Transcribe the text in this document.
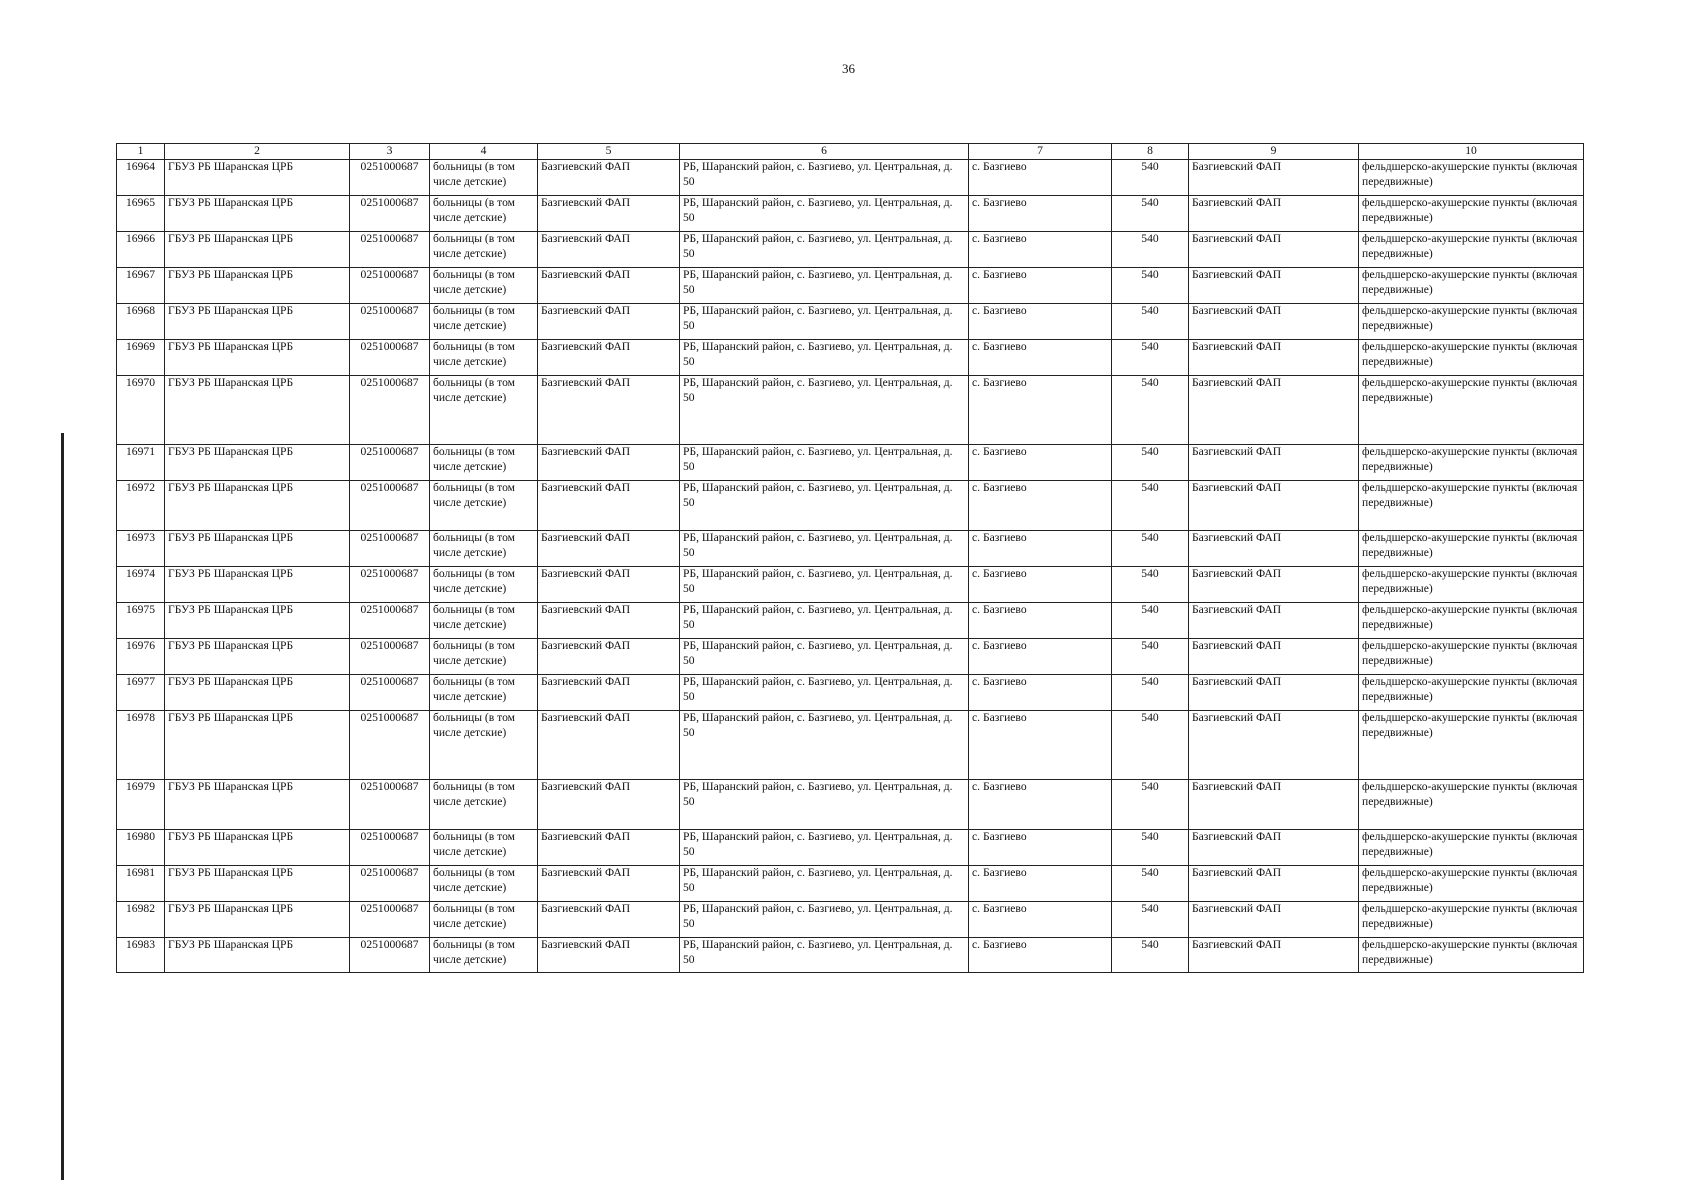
36
1	2	3	4	5	6	7	8	9	10
16964	ГБУЗ РБ Шаранская ЦРБ	0251000687	больницы (в том числе детские)	Базгиевский ФАП	РБ, Шаранский район, с. Базгиево, ул. Центральная, д. 50	с. Базгиево	540	Базгиевский ФАП	фельдшерско-акушерские пункты (включая передвижные)
16965	ГБУЗ РБ Шаранская ЦРБ	0251000687	больницы (в том числе детские)	Базгиевский ФАП	РБ, Шаранский район, с. Базгиево, ул. Центральная, д. 50	с. Базгиево	540	Базгиевский ФАП	фельдшерско-акушерские пункты (включая передвижные)
16966	ГБУЗ РБ Шаранская ЦРБ	0251000687	больницы (в том числе детские)	Базгиевский ФАП	РБ, Шаранский район, с. Базгиево, ул. Центральная, д. 50	с. Базгиево	540	Базгиевский ФАП	фельдшерско-акушерские пункты (включая передвижные)
16967	ГБУЗ РБ Шаранская ЦРБ	0251000687	больницы (в том числе детские)	Базгиевский ФАП	РБ, Шаранский район, с. Базгиево, ул. Центральная, д. 50	с. Базгиево	540	Базгиевский ФАП	фельдшерско-акушерские пункты (включая передвижные)
16968	ГБУЗ РБ Шаранская ЦРБ	0251000687	больницы (в том числе детские)	Базгиевский ФАП	РБ, Шаранский район, с. Базгиево, ул. Центральная, д. 50	с. Базгиево	540	Базгиевский ФАП	фельдшерско-акушерские пункты (включая передвижные)
16969	ГБУЗ РБ Шаранская ЦРБ	0251000687	больницы (в том числе детские)	Базгиевский ФАП	РБ, Шаранский район, с. Базгиево, ул. Центральная, д. 50	с. Базгиево	540	Базгиевский ФАП	фельдшерско-акушерские пункты (включая передвижные)
16970	ГБУЗ РБ Шаранская ЦРБ	0251000687	больницы (в том числе детские)	Базгиевский ФАП	РБ, Шаранский район, с. Базгиево, ул. Центральная, д. 50	с. Базгиево	540	Базгиевский ФАП	фельдшерско-акушерские пункты (включая передвижные)
16971	ГБУЗ РБ Шаранская ЦРБ	0251000687	больницы (в том числе детские)	Базгиевский ФАП	РБ, Шаранский район, с. Базгиево, ул. Центральная, д. 50	с. Базгиево	540	Базгиевский ФАП	фельдшерско-акушерские пункты (включая передвижные)
16972	ГБУЗ РБ Шаранская ЦРБ	0251000687	больницы (в том числе детские)	Базгиевский ФАП	РБ, Шаранский район, с. Базгиево, ул. Центральная, д. 50	с. Базгиево	540	Базгиевский ФАП	фельдшерско-акушерские пункты (включая передвижные)
16973	ГБУЗ РБ Шаранская ЦРБ	0251000687	больницы (в том числе детские)	Базгиевский ФАП	РБ, Шаранский район, с. Базгиево, ул. Центральная, д. 50	с. Базгиево	540	Базгиевский ФАП	фельдшерско-акушерские пункты (включая передвижные)
16974	ГБУЗ РБ Шаранская ЦРБ	0251000687	больницы (в том числе детские)	Базгиевский ФАП	РБ, Шаранский район, с. Базгиево, ул. Центральная, д. 50	с. Базгиево	540	Базгиевский ФАП	фельдшерско-акушерские пункты (включая передвижные)
16975	ГБУЗ РБ Шаранская ЦРБ	0251000687	больницы (в том числе детские)	Базгиевский ФАП	РБ, Шаранский район, с. Базгиево, ул. Центральная, д. 50	с. Базгиево	540	Базгиевский ФАП	фельдшерско-акушерские пункты (включая передвижные)
16976	ГБУЗ РБ Шаранская ЦРБ	0251000687	больницы (в том числе детские)	Базгиевский ФАП	РБ, Шаранский район, с. Базгиево, ул. Центральная, д. 50	с. Базгиево	540	Базгиевский ФАП	фельдшерско-акушерские пункты (включая передвижные)
16977	ГБУЗ РБ Шаранская ЦРБ	0251000687	больницы (в том числе детские)	Базгиевский ФАП	РБ, Шаранский район, с. Базгиево, ул. Центральная, д. 50	с. Базгиево	540	Базгиевский ФАП	фельдшерско-акушерские пункты (включая передвижные)
16978	ГБУЗ РБ Шаранская ЦРБ	0251000687	больницы (в том числе детские)	Базгиевский ФАП	РБ, Шаранский район, с. Базгиево, ул. Центральная, д. 50	с. Базгиево	540	Базгиевский ФАП	фельдшерско-акушерские пункты (включая передвижные)
16979	ГБУЗ РБ Шаранская ЦРБ	0251000687	больницы (в том числе детские)	Базгиевский ФАП	РБ, Шаранский район, с. Базгиево, ул. Центральная, д. 50	с. Базгиево	540	Базгиевский ФАП	фельдшерско-акушерские пункты (включая передвижные)
16980	ГБУЗ РБ Шаранская ЦРБ	0251000687	больницы (в том числе детские)	Базгиевский ФАП	РБ, Шаранский район, с. Базгиево, ул. Центральная, д. 50	с. Базгиево	540	Базгиевский ФАП	фельдшерско-акушерские пункты (включая передвижные)
16981	ГБУЗ РБ Шаранская ЦРБ	0251000687	больницы (в том числе детские)	Базгиевский ФАП	РБ, Шаранский район, с. Базгиево, ул. Центральная, д. 50	с. Базгиево	540	Базгиевский ФАП	фельдшерско-акушерские пункты (включая передвижные)
16982	ГБУЗ РБ Шаранская ЦРБ	0251000687	больницы (в том числе детские)	Базгиевский ФАП	РБ, Шаранский район, с. Базгиево, ул. Центральная, д. 50	с. Базгиево	540	Базгиевский ФАП	фельдшерско-акушерские пункты (включая передвижные)
16983	ГБУЗ РБ Шаранская ЦРБ	0251000687	больницы (в том числе детские)	Базгиевский ФАП	РБ, Шаранский район, с. Базгиево, ул. Центральная, д. 50	с. Базгиево	540	Базгиевский ФАП	фельдшерско-акушерские пункты (включая передвижные)
